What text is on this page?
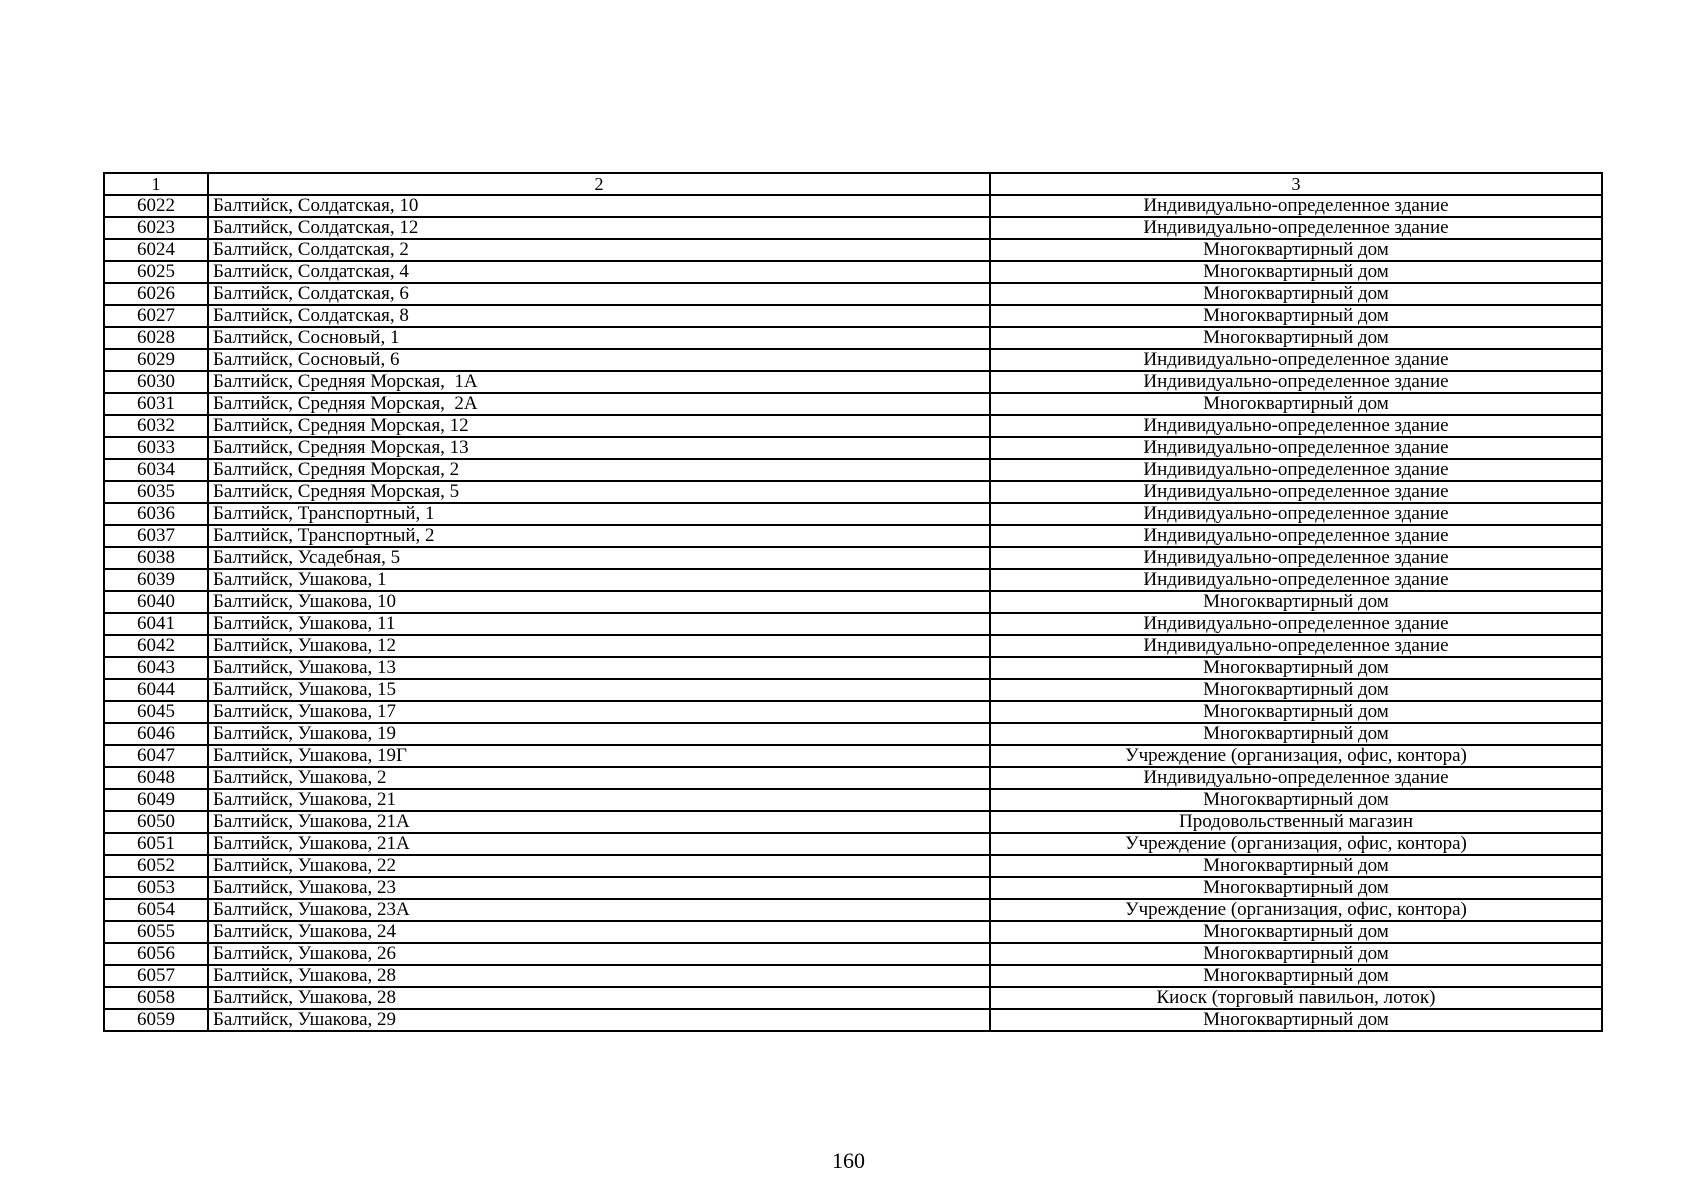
1	2	3
6022	Балтийск, Солдатская, 10	Индивидуально-определенное здание
6023	Балтийск, Солдатская, 12	Индивидуально-определенное здание
6024	Балтийск, Солдатская, 2	Многоквартирный дом
6025	Балтийск, Солдатская, 4	Многоквартирный дом
6026	Балтийск, Солдатская, 6	Многоквартирный дом
6027	Балтийск, Солдатская, 8	Многоквартирный дом
6028	Балтийск, Сосновый, 1	Многоквартирный дом
6029	Балтийск, Сосновый, 6	Индивидуально-определенное здание
6030	Балтийск, Средняя Морская,  1А	Индивидуально-определенное здание
6031	Балтийск, Средняя Морская,  2А	Многоквартирный дом
6032	Балтийск, Средняя Морская, 12	Индивидуально-определенное здание
6033	Балтийск, Средняя Морская, 13	Индивидуально-определенное здание
6034	Балтийск, Средняя Морская, 2	Индивидуально-определенное здание
6035	Балтийск, Средняя Морская, 5	Индивидуально-определенное здание
6036	Балтийск, Транспортный, 1	Индивидуально-определенное здание
6037	Балтийск, Транспортный, 2	Индивидуально-определенное здание
6038	Балтийск, Усадебная, 5	Индивидуально-определенное здание
6039	Балтийск, Ушакова, 1	Индивидуально-определенное здание
6040	Балтийск, Ушакова, 10	Многоквартирный дом
6041	Балтийск, Ушакова, 11	Индивидуально-определенное здание
6042	Балтийск, Ушакова, 12	Индивидуально-определенное здание
6043	Балтийск, Ушакова, 13	Многоквартирный дом
6044	Балтийск, Ушакова, 15	Многоквартирный дом
6045	Балтийск, Ушакова, 17	Многоквартирный дом
6046	Балтийск, Ушакова, 19	Многоквартирный дом
6047	Балтийск, Ушакова, 19Г	Учреждение (организация, офис, контора)
6048	Балтийск, Ушакова, 2	Индивидуально-определенное здание
6049	Балтийск, Ушакова, 21	Многоквартирный дом
6050	Балтийск, Ушакова, 21А	Продовольственный магазин
6051	Балтийск, Ушакова, 21А	Учреждение (организация, офис, контора)
6052	Балтийск, Ушакова, 22	Многоквартирный дом
6053	Балтийск, Ушакова, 23	Многоквартирный дом
6054	Балтийск, Ушакова, 23А	Учреждение (организация, офис, контора)
6055	Балтийск, Ушакова, 24	Многоквартирный дом
6056	Балтийск, Ушакова, 26	Многоквартирный дом
6057	Балтийск, Ушакова, 28	Многоквартирный дом
6058	Балтийск, Ушакова, 28	Киоск (торговый павильон, лоток)
6059	Балтийск, Ушакова, 29	Многоквартирный дом
160
